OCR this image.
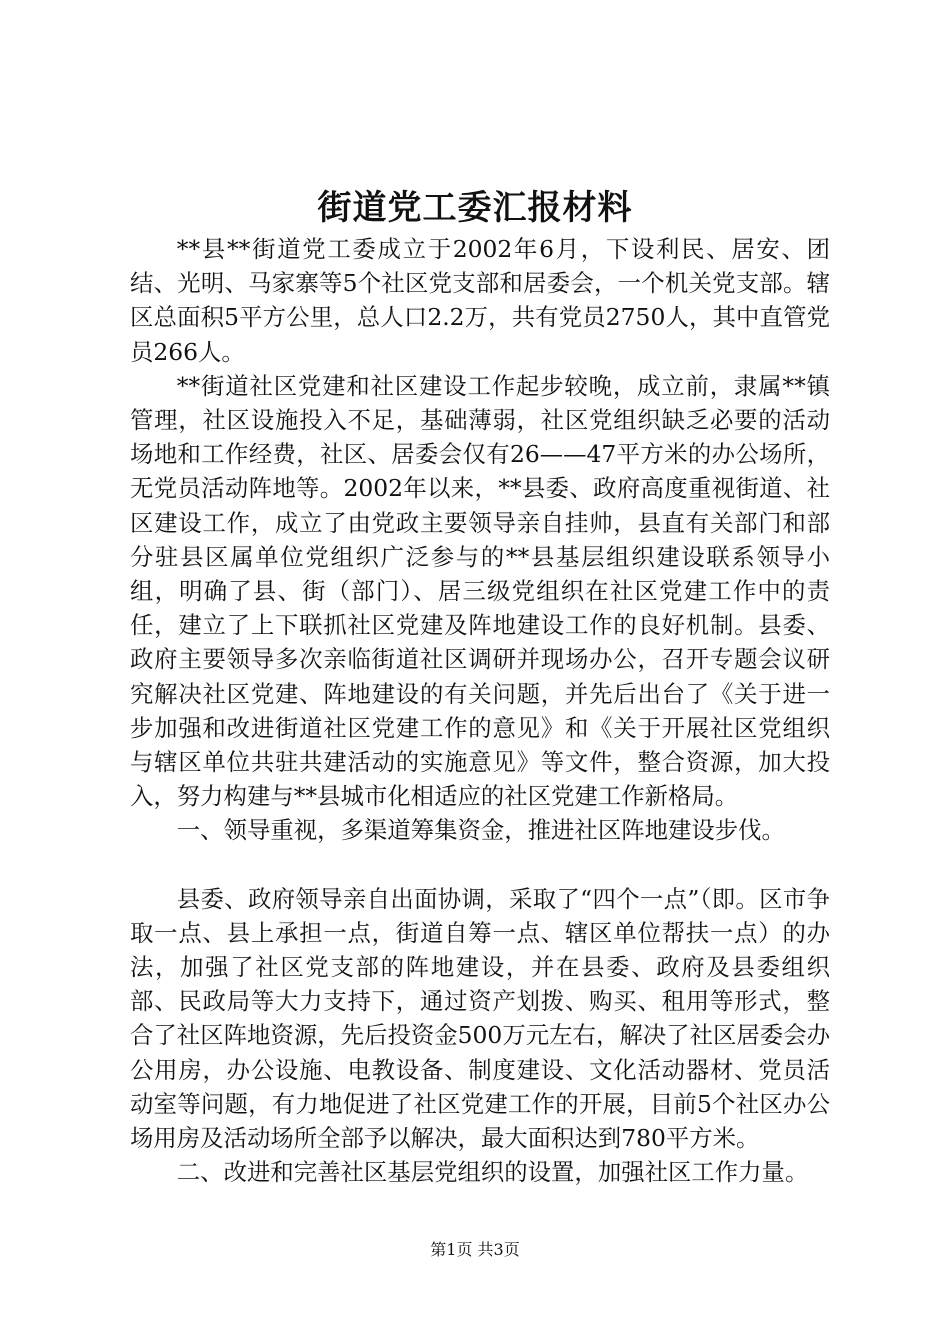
街道党工委汇报材料

**县**街道党工委成立于2002年6月，下设利民、居安、团结、光明、马家寨等5个社区党支部和居委会，一个机关党支部。辖区总面积5平方公里，总人口2.2万，共有党员2750人，其中直管党员266人。

**街道社区党建和社区建设工作起步较晚，成立前，隶属**镇管理，社区设施投入不足，基础薄弱，社区党组织缺乏必要的活动场地和工作经费，社区、居委会仅有26——47平方米的办公场所，无党员活动阵地等。2002年以来，**县委、政府高度重视街道、社区建设工作，成立了由党政主要领导亲自挂帅，县直有关部门和部分驻县区属单位党组织广泛参与的**县基层组织建设联系领导小组，明确了县、街（部门）、居三级党组织在社区党建工作中的责任，建立了上下联抓社区党建及阵地建设工作的良好机制。县委、政府主要领导多次亲临街道社区调研并现场办公，召开专题会议研究解决社区党建、阵地建设的有关问题，并先后出台了《关于进一步加强和改进街道社区党建工作的意见》和《关于开展社区党组织与辖区单位共驻共建活动的实施意见》等文件，整合资源，加大投入，努力构建与**县城市化相适应的社区党建工作新格局。

一、领导重视，多渠道筹集资金，推进社区阵地建设步伐。

县委、政府领导亲自出面协调，采取了“四个一点”（即。区市争取一点、县上承担一点，街道自筹一点、辖区单位帮扶一点）的办法，加强了社区党支部的阵地建设，并在县委、政府及县委组织部、民政局等大力支持下，通过资产划拨、购买、租用等形式，整合了社区阵地资源，先后投资金500万元左右，解决了社区居委会办公用房，办公设施、电教设备、制度建设、文化活动器材、党员活动室等问题，有力地促进了社区党建工作的开展，目前5个社区办公场用房及活动场所全部予以解决，最大面积达到780平方米。

二、改进和完善社区基层党组织的设置，加强社区工作力量。

第1页 共3页
